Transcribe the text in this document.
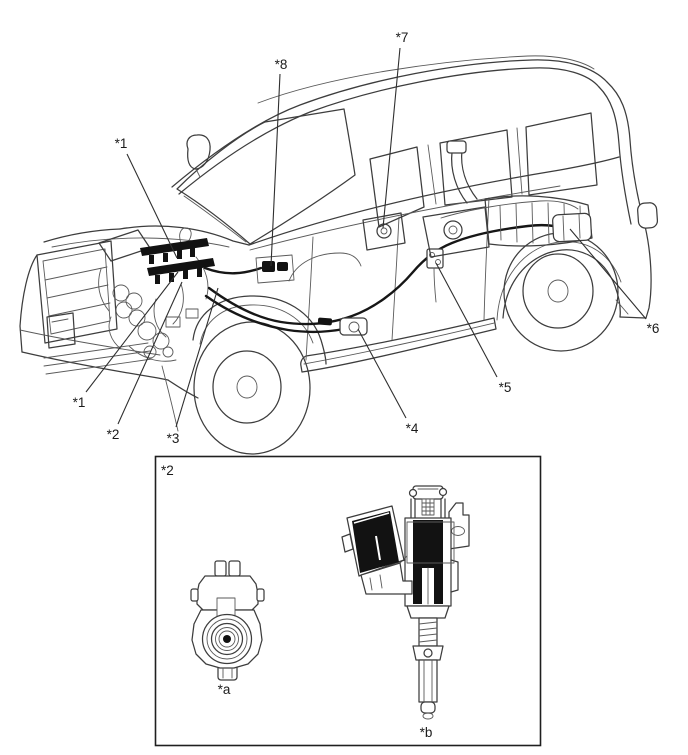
*1
*8
*7
*1
*2	*3
*4
*5
*6
*2
*a
*b
